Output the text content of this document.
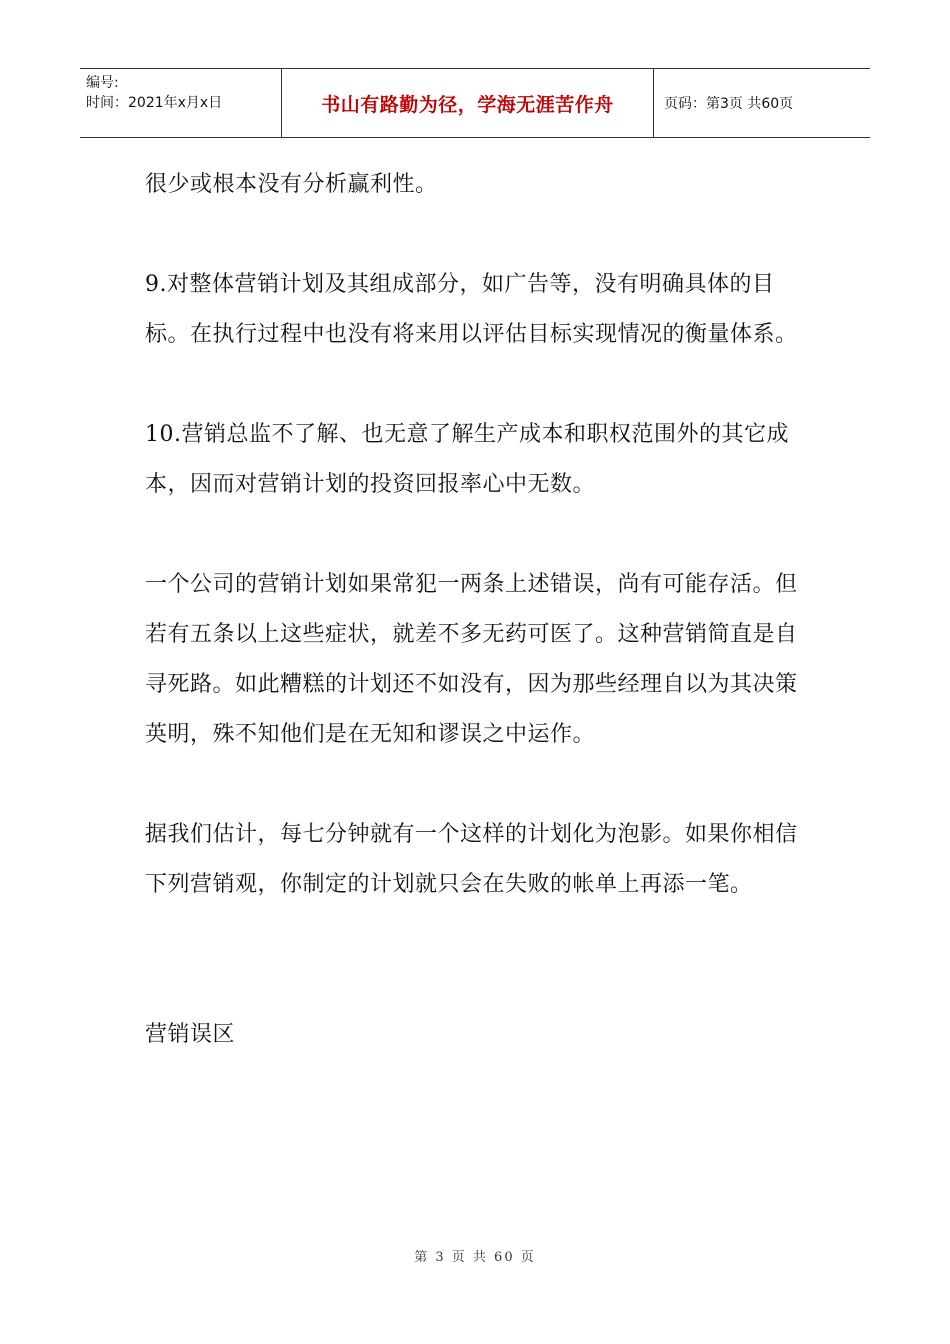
编号:
时间：2021年x月x日	书山有路勤为径，学海无涯苦作舟	页码：第3页 共60页

很少或根本没有分析赢利性。

9.对整体营销计划及其组成部分，如广告等，没有明确具体的目标。在执行过程中也没有将来用以评估目标实现情况的衡量体系。

10.营销总监不了解、也无意了解生产成本和职权范围外的其它成本，因而对营销计划的投资回报率心中无数。

一个公司的营销计划如果常犯一两条上述错误，尚有可能存活。但若有五条以上这些症状，就差不多无药可医了。这种营销简直是自寻死路。如此糟糕的计划还不如没有，因为那些经理自以为其决策英明，殊不知他们是在无知和谬误之中运作。

据我们估计，每七分钟就有一个这样的计划化为泡影。如果你相信下列营销观，你制定的计划就只会在失败的帐单上再添一笔。

营销误区

第 3 页 共 60 页
